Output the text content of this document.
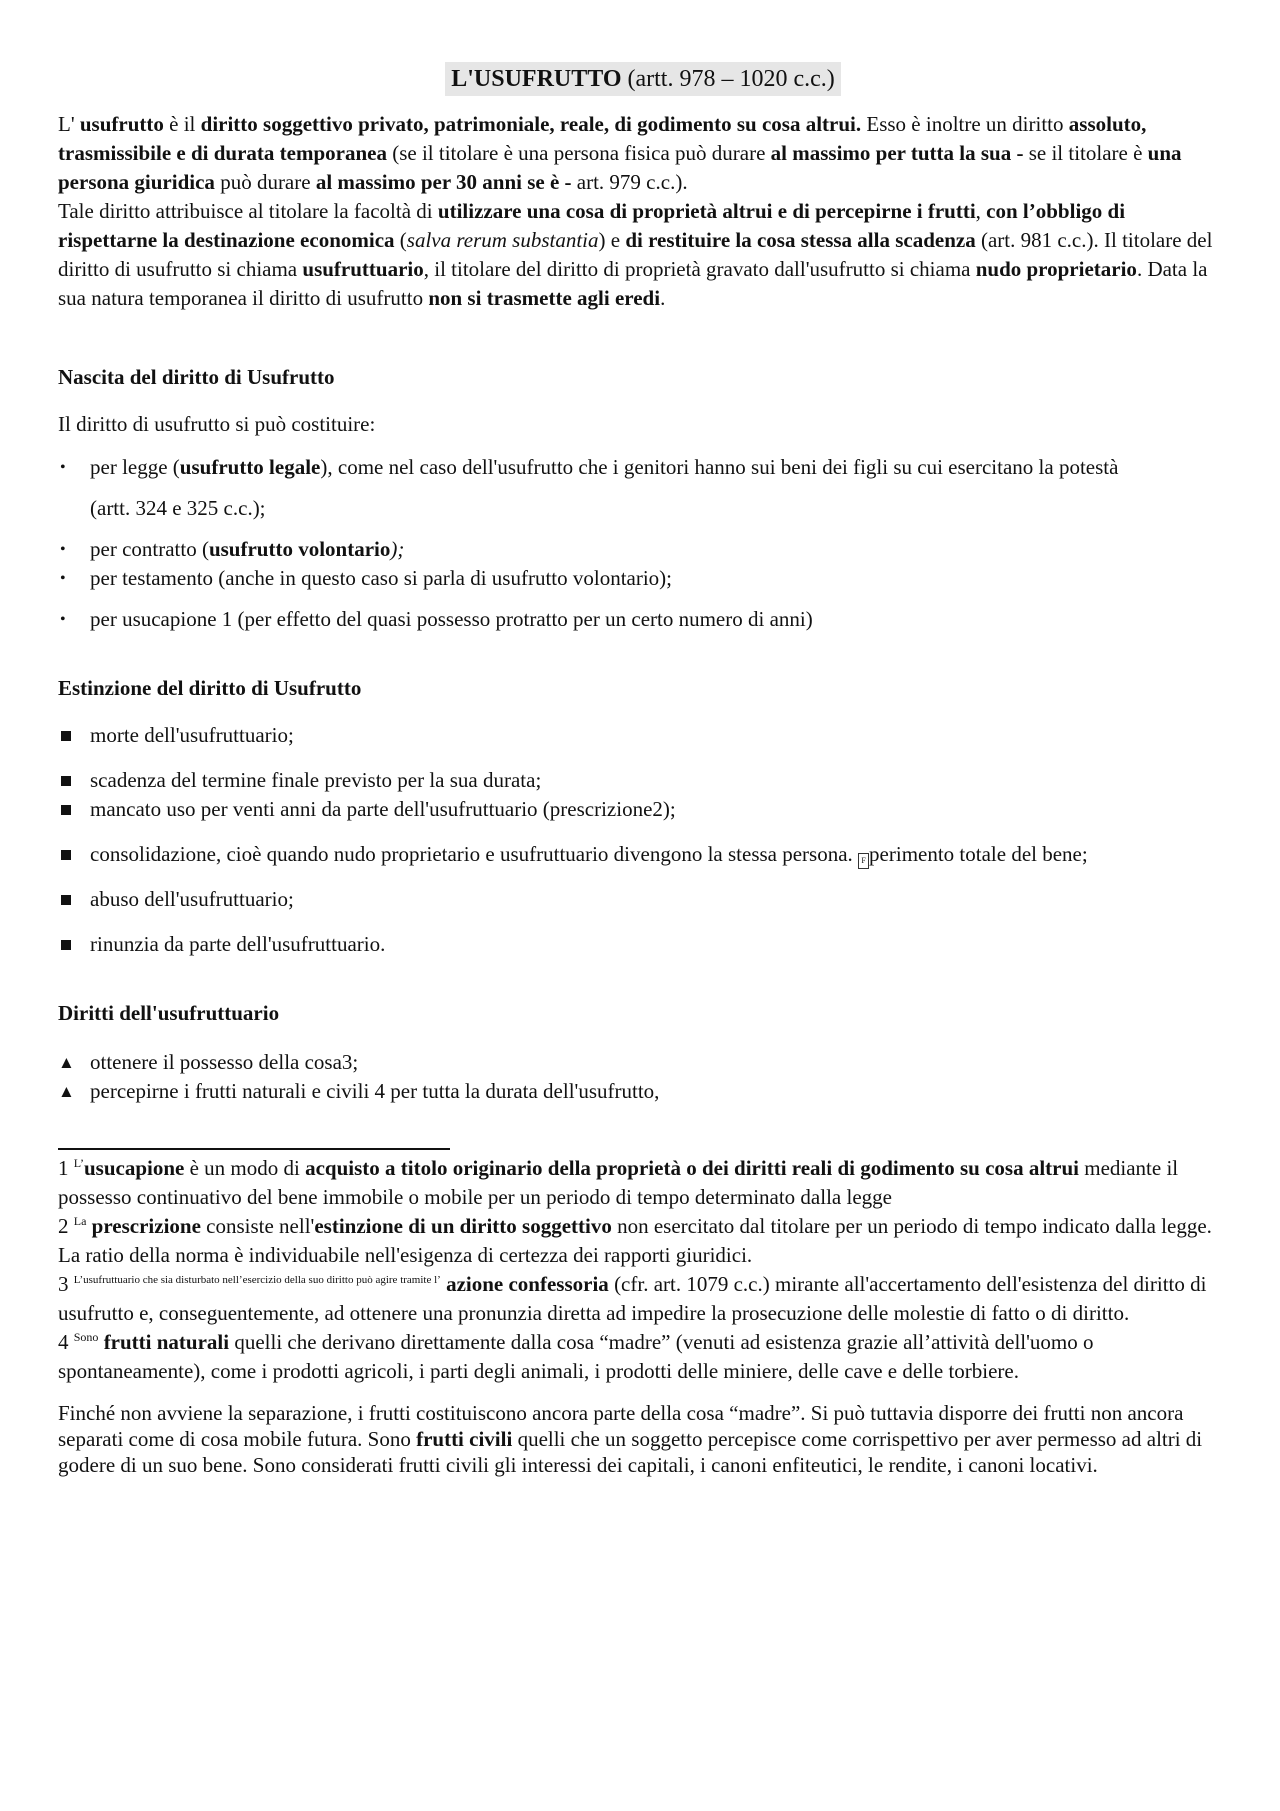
L'USUFRUTTO (artt. 978 – 1020 c.c.)

L' usufrutto è il diritto soggettivo privato, patrimoniale, reale, di godimento su cosa altrui. Esso è inoltre un diritto assoluto, trasmissibile e di durata temporanea (se il titolare è una persona fisica può durare al massimo per tutta la sua - se il titolare è una persona giuridica può durare al massimo per 30 anni se è - art. 979 c.c.).

Tale diritto attribuisce al titolare la facoltà di utilizzare una cosa di proprietà altrui e di percepirne i frutti, con l’obbligo di rispettarne la destinazione economica (salva rerum substantia) e di restituire la cosa stessa alla scadenza (art. 981 c.c.). Il titolare del diritto di usufrutto si chiama usufruttuario, il titolare del diritto di proprietà gravato dall'usufrutto si chiama nudo proprietario. Data la sua natura temporanea il diritto di usufrutto non si trasmette agli eredi.

Nascita del diritto di Usufrutto

Il diritto di usufrutto si può costituire:

•	per legge (usufrutto legale), come nel caso dell'usufrutto che i genitori hanno sui beni dei figli su cui esercitano la potestà
(artt. 324 e 325 c.c.);
•	per contratto (usufrutto volontario);
•	per testamento (anche in questo caso si parla di usufrutto volontario);
•	per usucapione 1 (per effetto del quasi possesso protratto per un certo numero di anni)

Estinzione del diritto di Usufrutto

morte dell'usufruttuario;
scadenza del termine finale previsto per la sua durata;
mancato uso per venti anni da parte dell'usufruttuario (prescrizione2);
consolidazione, cioè quando nudo proprietario e usufruttuario divengono la stessa persona. F perimento totale del bene;
abuso dell'usufruttuario;
rinunzia da parte dell'usufruttuario.

Diritti dell'usufruttuario

▲ ottenere il possesso della cosa3;
▲ percepirne i frutti naturali e civili 4 per tutta la durata dell'usufrutto,

1 $^{L’}$usucapione è un modo di acquisto a titolo originario della proprietà o dei diritti reali di godimento su cosa altrui mediante il possesso continuativo del bene immobile o mobile per un periodo di tempo determinato dalla legge

2 $^{La}$ prescrizione consiste nell'estinzione di un diritto soggettivo non esercitato dal titolare per un periodo di tempo indicato dalla legge. La ratio della norma è individuabile nell'esigenza di certezza dei rapporti giuridici.

3 $^{L’usufruttuario che sia disturbato nell’esercizio della suo diritto può agire tramite l’}$ azione confessoria (cfr. art. 1079 c.c.) mirante all'accertamento dell'esistenza del diritto di usufrutto e, conseguentemente, ad ottenere una pronunzia diretta ad impedire la prosecuzione delle molestie di fatto o di diritto.

4 $^{Sono}$ frutti naturali quelli che derivano direttamente dalla cosa “madre” (venuti ad esistenza grazie all’attività dell'uomo o spontaneamente), come i prodotti agricoli, i parti degli animali, i prodotti delle miniere, delle cave e delle torbiere.

Finché non avviene la separazione, i frutti costituiscono ancora parte della cosa “madre”. Si può tuttavia disporre dei frutti non ancora separati come di cosa mobile futura. Sono frutti civili quelli che un soggetto percepisce come corrispettivo per aver permesso ad altri di godere di un suo bene. Sono considerati frutti civili gli interessi dei capitali, i canoni enfiteutici, le rendite, i canoni locativi.
